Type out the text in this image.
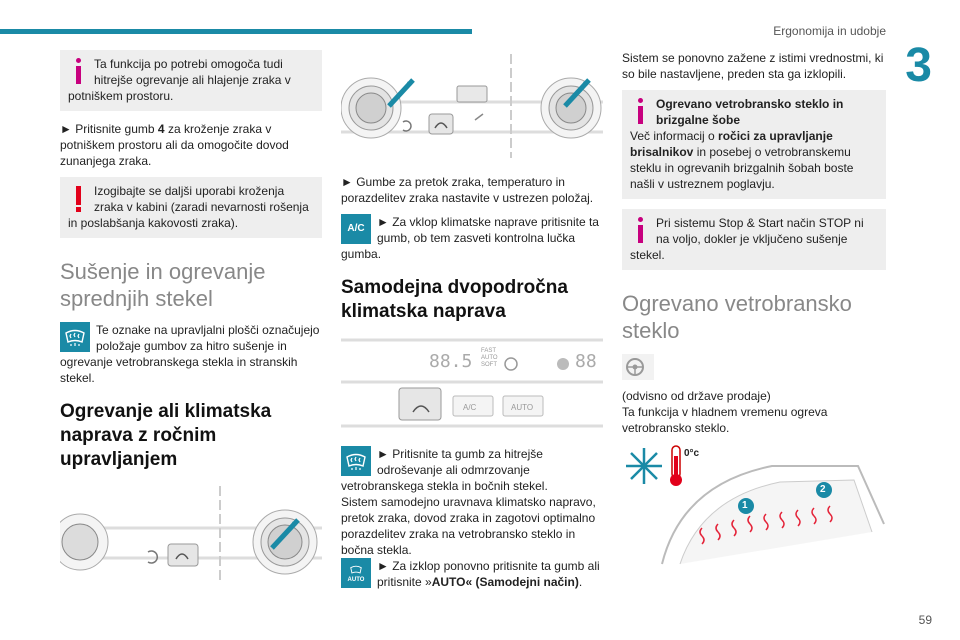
Ergonomija in udobje
3
59
Ta funkcija po potrebi omogoča tudi hitrejše ogrevanje ali hlajenje zraka v potniškem prostoru.

► Pritisnite gumb 4 za kroženje zraka v potniškem prostoru ali da omogočite dovod zunanjega zraka.

Izogibajte se daljši uporabi kroženja zraka v kabini (zaradi nevarnosti rošenja in poslabšanja kakovosti zraka).
Sušenje in ogrevanje sprednjih stekel

Te oznake na upravljalni plošči označujejo položaje gumbov za hitro sušenje in ogrevanje vetrobranskega stekla in stranskih stekel.

Ogrevanje ali klimatska naprava z ročnim upravljanjem

► Gumbe za pretok zraka, temperaturo in porazdelitev zraka nastavite v ustrezen položaj.

A/C	► Za vklop klimatske naprave pritisnite ta gumb, ob tem zasveti kontrolna lučka gumba.

Samodejna dvopodročna klimatska naprava
88.5 FAST
AUTO
SOFT	88
A/C	AUTO

► Pritisnite ta gumb za hitrejše odroševanje ali odmrzovanje vetrobranskega stekla in bočnih stekel.

Sistem samodejno uravnava klimatsko napravo, pretok zraka, dovod zraka in zagotovi optimalno porazdelitev zraka na vetrobransko steklo in bočna stekla.

AUTO
► Za izklop ponovno pritisnite ta gumb ali pritisnite »AUTO« (Samodejni način).

Sistem se ponovno zažene z istimi vrednostmi, ki so bile nastavljene, preden sta ga izklopili.

Ogrevano vetrobransko steklo in brizgalne šobe
Več informacij o ročici za upravljanje brisalnikov in posebej o vetrobranskemu steklu in ogrevanih brizgalnih šobah boste našli v ustreznem poglavju.
Pri sistemu Stop & Start način STOP ni na voljo, dokler je vključeno sušenje stekel.
Ogrevano vetrobransko steklo

(odvisno od države prodaje)

Ta funkcija v hladnem vremenu ogreva vetrobransko steklo.

0°c
1
2
